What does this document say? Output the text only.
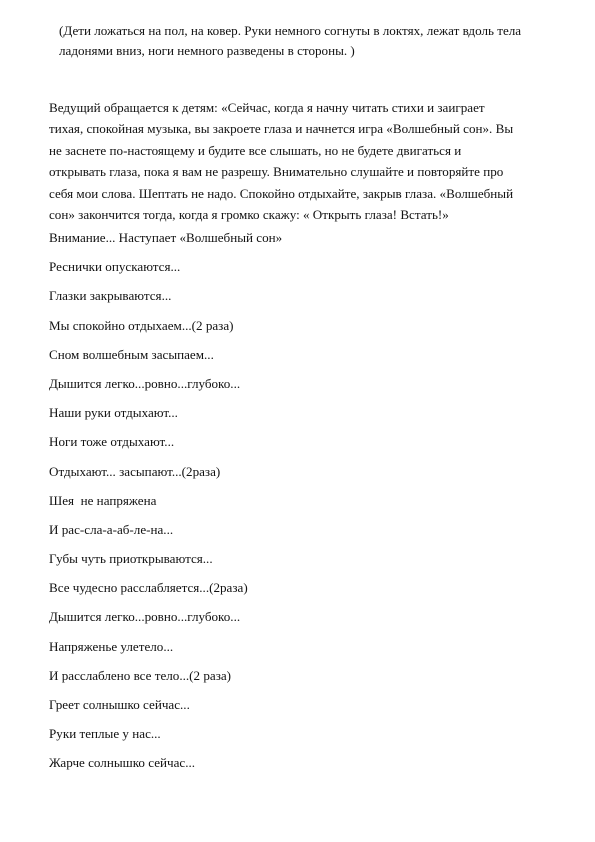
(Дети ложаться на пол, на ковер. Руки немного согнуты в локтях, лежат вдоль тела
ладонями вниз, ноги немного разведены в стороны. )

Ведущий обращается к детям: «Сейчас, когда я начну читать стихи и заиграет
тихая, спокойная музыка, вы закроете глаза и начнется игра «Волшебный сон». Вы
не заснете по-настоящему и будите все слышать, но не будете двигаться и
открывать глаза, пока я вам не разрешу. Внимательно слушайте и повторяйте про
себя мои слова. Шептать не надо. Спокойно отдыхайте, закрыв глаза. «Волшебный
сон» закончится тогда, когда я громко скажу: « Открыть глаза! Встать!»

Внимание... Наступает «Волшебный сон»
Реснички опускаются...
Глазки закрываются...
Мы спокойно отдыхаем...(2 раза)
Сном волшебным засыпаем...
Дышится легко...ровно...глубоко...
Наши руки отдыхают...
Ноги тоже отдыхают...
Отдыхают... засыпают...(2раза)
Шея  не напряжена
И рас-сла-а-аб-ле-на...
Губы чуть приоткрываются...
Все чудесно расслабляется...(2раза)
Дышится легко...ровно...глубоко...
Напряженье улетело...
И расслаблено все тело...(2 раза)
Греет солнышко сейчас...
Руки теплые у нас...
Жарче солнышко сейчас...
